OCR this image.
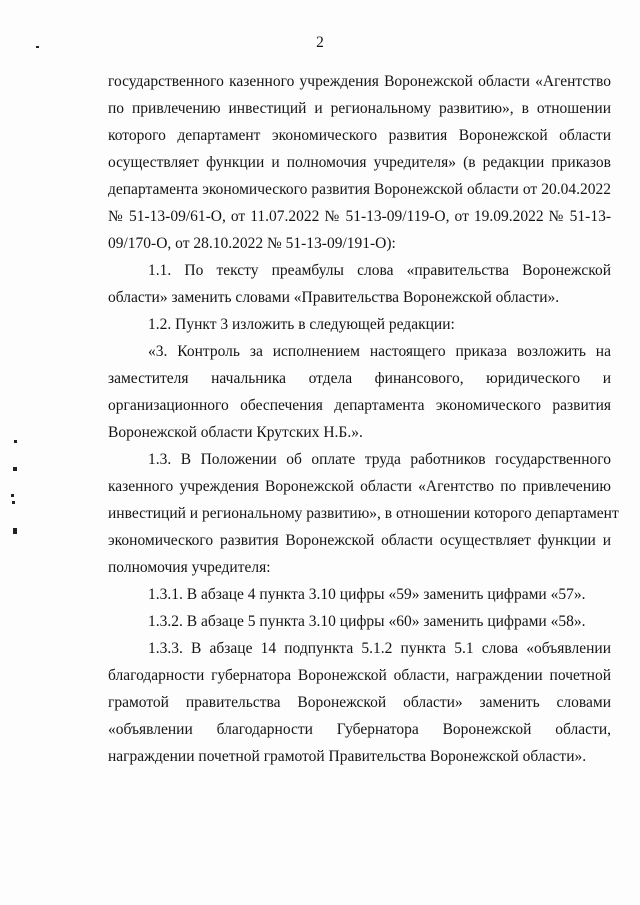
2
государственного казенного учреждения Воронежской области «Агентство
по привлечению инвестиций и региональному развитию», в отношении
которого департамент экономического развития Воронежской области
осуществляет функции и полномочия учредителя» (в редакции приказов
департамента экономического развития Воронежской области от 20.04.2022
№ 51-13-09/61-О, от 11.07.2022 № 51-13-09/119-О, от 19.09.2022 № 51-13-
09/170-О, от 28.10.2022 № 51-13-09/191-О):
1.1. По тексту преамбулы слова «правительства Воронежской
области» заменить словами «Правительства Воронежской области».
1.2. Пункт 3 изложить в следующей редакции:
«3. Контроль за исполнением настоящего приказа возложить на
заместителя начальника отдела финансового, юридического и
организационного обеспечения департамента экономического развития
Воронежской области Крутских Н.Б.».
1.3. В Положении об оплате труда работников государственного
казенного учреждения Воронежской области «Агентство по привлечению
инвестиций и региональному развитию», в отношении которого департамент
экономического развития Воронежской области осуществляет функции и
полномочия учредителя:
1.3.1. В абзаце 4 пункта 3.10 цифры «59» заменить цифрами «57».
1.3.2. В абзаце 5 пункта 3.10 цифры «60» заменить цифрами «58».
1.3.3. В абзаце 14 подпункта 5.1.2 пункта 5.1 слова «объявлении
благодарности губернатора Воронежской области, награждении почетной
грамотой правительства Воронежской области» заменить словами
«объявлении благодарности Губернатора Воронежской области,
награждении почетной грамотой Правительства Воронежской области».
